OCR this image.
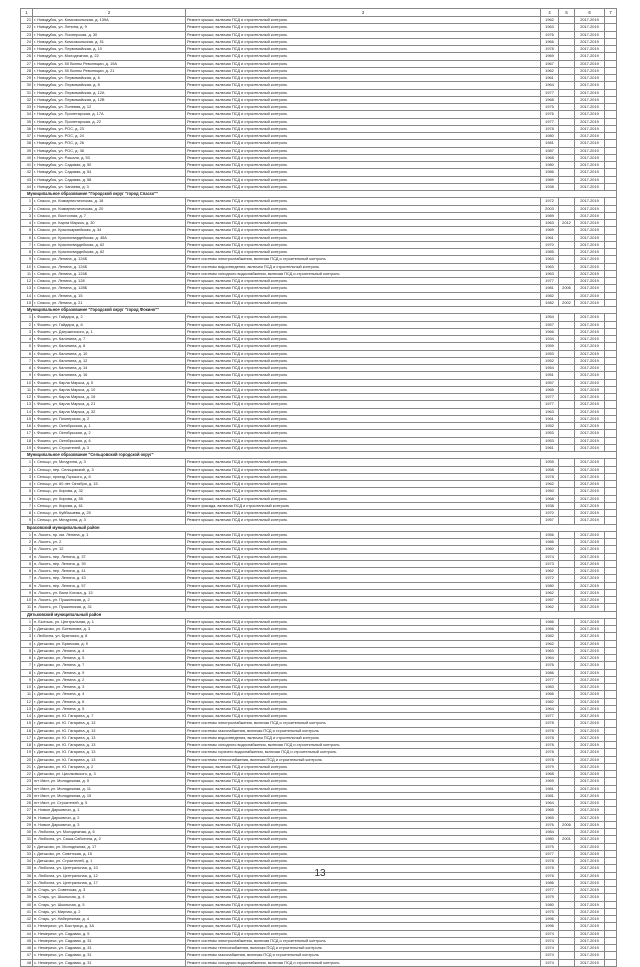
1	2	3	4	5	6	7
21	г. Новодуйск, ул. Комсомольская, д. 139А	Ремонт крыши, включая ПСД и строительный контроль	1962		2017-2019	
22	г. Новодуйск, ул. Ленина, д. 9	Ремонт крыши, включая ПСД и строительный контроль	1963		2017-2019	
23	г. Новодуйск, ул. Пионерская, д. 30	Ремонт крыши, включая ПСД и строительный контроль	1976		2017-2019	
24	г. Новодуйск, ул. Комсомольская, д. 51	Ремонт крыши, включая ПСД и строительный контроль	1966		2017-2019	
25	г. Новодуйск, ул. Первомайская, д. 10	Ремонт крыши, включая ПСД и строительный контроль	1978		2017-2019	
26	г. Новодуйск, ул. Молодежная, д. 22	Ремонт крыши, включая ПСД и строительный контроль	1969		2017-2019	
27	г. Новодуйск, ул. 50 Волны Революции, д. 19А	Ремонт крыши, включая ПСД и строительный контроль	1967		2017-2019	
28	г. Новодуйск, ул. 50 Волны Революции, д. 21	Ремонт крыши, включая ПСД и строительный контроль	1962		2017-2019	
29	г. Новодуйск, ул. Первомайская, д. 6	Ремонт крыши, включая ПСД и строительный контроль	1961		2017-2019	
30	г. Новодуйск, ул. Первомайская, д. 8	Ремонт крыши, включая ПСД и строительный контроль	1964		2017-2019	
31	г. Новодуйск, ул. Первомайская, д. 12А	Ремонт крыши, включая ПСД и строительный контроль	1977		2017-2019	
32	г. Новодуйск, ул. Первомайская, д. 12В	Ремонт крыши, включая ПСД и строительный контроль	1968		2017-2019	
33	г. Новодуйск, ул. Полевая, д. 12	Ремонт крыши, включая ПСД и строительный контроль	1975		2017-2019	
34	г. Новодуйск, ул. Пролетарская, д. 17А	Ремонт крыши, включая ПСД и строительный контроль	1976		2017-2019	
35	г. Новодуйск, ул. Пролетарская, д. 22	Ремонт крыши, включая ПСД и строительный контроль	1977		2017-2019	
36	г. Новодуйск, ул. РОС, д. 23	Ремонт крыши, включая ПСД и строительный контроль	1978		2017-2019	
37	г. Новодуйск, ул. РОС, д. 24	Ремонт крыши, включая ПСД и строительный контроль	1980		2017-2019	
38	г. Новодуйск, ул. РОС, д. 26	Ремонт крыши, включая ПСД и строительный контроль	1981		2017-2019	
39	г. Новодуйск, ул. РОС, д. 38	Ремонт крыши, включая ПСД и строительный контроль	1987		2017-2019	
40	г. Новодуйск, ул. Рошаля, д. 53	Ремонт крыши, включая ПСД и строительный контроль	1968		2017-2019	
41	г. Новодуйск, ул. Садовая, д. 50	Ремонт крыши, включая ПСД и строительный контроль	1980		2017-2019	
42	г. Новодуйск, ул. Садовая, д. 54	Ремонт крыши, включая ПСД и строительный контроль	1986		2017-2019	
43	г. Новодуйск, ул. Садовая, д. 58	Ремонт крыши, включая ПСД и строительный контроль	1989		2017-2019	
44	г. Новодуйск, ул. Чапаева, д. 3	Ремонт крыши, включая ПСД и строительный контроль	1938		2017-2019	
Муниципальное образование "Городской округ "город Спасск""						
1	г. Спасск, ул. Коммунистическая, д. 18	Ремонт крыши, включая ПСД и строительный контроль	1972		2017-2019	
2	г. Спасск, ул. Коммунистическая, д. 20	Ремонт крыши, включая ПСД и строительный контроль	2003		2017-2019	
3	г. Спасск, ул. Восточная, д. 7	Ремонт крыши, включая ПСД и строительный контроль	1989		2017-2019	
4	г. Спасск, ул. Карла Маркса, д. 30	Ремонт крыши, включая ПСД и строительный контроль	1963	2012	2017-2019	
5	г. Спасск, ул. Красноармейская, д. 34	Ремонт крыши, включая ПСД и строительный контроль	1969		2017-2019	
6	г. Спасск, ул. Красногвардейская, д. 45А	Ремонт крыши, включая ПСД и строительный контроль	1961		2017-2019	
7	г. Спасск, ул. Красногвардейская, д. 62	Ремонт крыши, включая ПСД и строительный контроль	1970		2017-2019	
8	г. Спасск, ул. Красногвардейская, д. 62	Ремонт крыши, включая ПСД и строительный контроль	1985		2017-2019	
9	г. Спасск, ул. Ленина, д. 124Б	Ремонт системы электроснабжения, включая ПСД и строительный контроль	1963		2017-2019	
10	г. Спасск, ул. Ленина, д. 124Б	Ремонт системы водоотведения, включая ПСД и строительный контроль	1963		2017-2019	
11	г. Спасск, ул. Ленина, д. 124Б	Ремонт системы холодного водоснабжения, включая ПСД и строительный контроль	1963		2017-2019	
12	г. Спасск, ул. Ленина, д. 128	Ремонт крыши, включая ПСД и строительный контроль	1977		2017-2019	
13	г. Спасск, ул. Ленина, д. 128Б	Ремонт крыши, включая ПСД и строительный контроль	1981	2006	2017-2019	
14	г. Спасск, ул. Ленина, д. 15	Ремонт крыши, включая ПСД и строительный контроль	1982		2017-2019	
15	г. Спасск, ул. Ленина, д. 21	Ремонт крыши, включая ПСД и строительный контроль	1982	2002	2017-2019	
Муниципальное образование "Городской округ "город Фокино""						
1	г. Фокино, ул. Гайдара, д. 2	Ремонт крыши, включая ПСД и строительный контроль	1954		2017-2019	
2	г. Фокино, ул. Гайдара, д. 6	Ремонт крыши, включая ПСД и строительный контроль	1957		2017-2019	
3	г. Фокино, ул. Дзержинского, д. 1	Ремонт крыши, включая ПСД и строительный контроль	1966		2017-2019	
4	г. Фокино, ул. Калинина, д. 7	Ремонт крыши, включая ПСД и строительный контроль	1934		2017-2019	
5	г. Фокино, ул. Калинина, д. 8	Ремонт крыши, включая ПСД и строительный контроль	1959		2017-2019	
6	г. Фокино, ул. Калинина, д. 10	Ремонт крыши, включая ПСД и строительный контроль	1953		2017-2019	
7	г. Фокино, ул. Калинина, д. 12	Ремонт крыши, включая ПСД и строительный контроль	1952		2017-2019	
8	г. Фокино, ул. Калинина, д. 14	Ремонт крыши, включая ПСД и строительный контроль	1954		2017-2019	
9	г. Фокино, ул. Калинина, д. 16	Ремонт крыши, включая ПСД и строительный контроль	1951		2017-2019	
10	г. Фокино, ул. Карла Маркса, д. 5	Ремонт крыши, включая ПСД и строительный контроль	1957		2017-2019	
11	г. Фокино, ул. Карла Маркса, д. 10	Ремонт крыши, включая ПСД и строительный контроль	1965		2017-2019	
12	г. Фокино, ул. Карла Маркса, д. 16	Ремонт крыши, включая ПСД и строительный контроль	1977		2017-2019	
13	г. Фокино, ул. Карла Маркса, д. 21	Ремонт крыши, включая ПСД и строительный контроль	1977		2017-2019	
14	г. Фокино, ул. Карла Маркса, д. 32	Ремонт крыши, включая ПСД и строительный контроль	1963		2017-2019	
15	г. Фокино, ул. Пионерская, д. 2	Ремонт крыши, включая ПСД и строительный контроль	1961		2017-2019	
16	г. Фокино, ул. Октябрьская, д. 1	Ремонт крыши, включая ПСД и строительный контроль	1952		2017-2019	
17	г. Фокино, ул. Октябрьская, д. 2	Ремонт крыши, включая ПСД и строительный контроль	1953		2017-2019	
18	г. Фокино, ул. Октябрьская, д. 6	Ремонт крыши, включая ПСД и строительный контроль	1953		2017-2019	
19	г. Фокино, ул. Строителей, д. 3	Ремонт крыши, включая ПСД и строительный контроль	1961		2017-2019	
Муниципальное образование "Сельцовский городской округ"						
1	г. Сельцо, ул. Мичурина, д. 3	Ремонт крыши, включая ПСД и строительный контроль	1955		2017-2019	
2	г. Сельцо, пер. Сельцовский, д. 3	Ремонт крыши, включая ПСД и строительный контроль	1958		2017-2019	
3	г. Сельцо, проезд Горького, д. 6	Ремонт крыши, включая ПСД и строительный контроль	1978		2017-2019	
4	г. Сельцо, ул. 60 лет Октября, д. 15	Ремонт крыши, включая ПСД и строительный контроль	1962		2017-2019	
5	г. Сельцо, ул. Кирова, д. 32	Ремонт крыши, включая ПСД и строительный контроль	1950		2017-2019	
6	г. Сельцо, ул. Кирова, д. 55	Ремонт крыши, включая ПСД и строительный контроль	1968		2017-2019	
7	г. Сельцо, ул. Кирова, д. 61	Ремонт фасада, включая ПСД и строительный контроль	1938		2017-2019	
8	г. Сельцо, ул. Куйбышева, д. 25	Ремонт крыши, включая ПСД и строительный контроль	1970		2017-2019	
9	г. Сельцо, ул. Мичурина, д. 3	Ремонт крыши, включая ПСД и строительный контроль	1957		2017-2019	
Брасовский муниципальный район						
1	п. Локоть, пр. им. Ленина, д. 1	Ремонт крыши, включая ПСД и строительный контроль	1956		2017-2019	
2	п. Локоть, ул. 2	Ремонт крыши, включая ПСД и строительный контроль	1986		2017-2019	
3	п. Локоть, ул. 12	Ремонт крыши, включая ПСД и строительный контроль	1960		2017-2019	
4	п. Локоть, пер. Ленина, д. 37	Ремонт крыши, включая ПСД и строительный контроль	1974		2017-2019	
5	п. Локоть, пер. Ленина, д. 39	Ремонт крыши, включая ПСД и строительный контроль	1973		2017-2019	
6	п. Локоть, пер. Ленина, д. 41	Ремонт крыши, включая ПСД и строительный контроль	1962		2017-2019	
7	п. Локоть, пер. Ленина, д. 43	Ремонт крыши, включая ПСД и строительный контроль	1972		2017-2019	
8	п. Локоть, пер. Ленина, д. 57	Ремонт крыши, включая ПСД и строительный контроль	1980		2017-2019	
9	п. Локоть, ул. Вали Котика, д. 13	Ремонт крыши, включая ПСД и строительный контроль	1962		2017-2019	
10	п. Локоть, ул. Пушкинская, д. 2	Ремонт крыши, включая ПСД и строительный контроль	1957		2017-2019	
11	п. Локоть, ул. Пушкинская, д. 31	Ремонт крыши, включая ПСД и строительный контроль	1962		2017-2019	
Дятьковский муниципальный район						
1	п. Бытошь, ул. Центральная, д. 1	Ремонт крыши, включая ПСД и строительный контроль	1986		2017-2019	
2	г. Дятьково, ул. Ботвинова, д. 3	Ремонт крыши, включая ПСД и строительный контроль	1956		2017-2019	
3	г. Любохна, ул. Брянская, д. 8	Ремонт крыши, включая ПСД и строительный контроль	1982		2017-2019	
4	г. Дятьково, ул. Брянская, д. 9	Ремонт крыши, включая ПСД и строительный контроль	1962		2017-2019	
5	г. Дятьково, ул. Ленина, д. 4	Ремонт крыши, включая ПСД и строительный контроль	1963		2017-2019	
6	г. Дятьково, ул. Ленина, д. 5	Ремонт крыши, включая ПСД и строительный контроль	1964		2017-2019	
7	г. Дятьково, ул. Ленина, д. 7	Ремонт крыши, включая ПСД и строительный контроль	1976		2017-2019	
8	г. Дятьково, ул. Ленина, д. 9	Ремонт крыши, включая ПСД и строительный контроль	1986		2017-2019	
9	г. Дятьково, ул. Ленина, д. 2	Ремонт крыши, включая ПСД и строительный контроль	1977		2017-2019	
10	г. Дятьково, ул. Ленина, д. 3	Ремонт крыши, включая ПСД и строительный контроль	1983		2017-2019	
11	г. Дятьково, ул. Ленина, д. 4	Ремонт крыши, включая ПСД и строительный контроль	1966		2017-2019	
12	г. Дятьково, ул. Ленина, д. 6	Ремонт крыши, включая ПСД и строительный контроль	1982		2017-2019	
13	г. Дятьково, ул. Ленина, д. 5	Ремонт крыши, включая ПСД и строительный контроль	1964		2017-2019	
14	г. Дятьково, ул. Ю. Гагарина, д. 7	Ремонт крыши, включая ПСД и строительный контроль	1977		2017-2019	
15	г. Дятьково, ул. Ю. Гагарина, д. 13	Ремонт системы электроснабжения, включая ПСД и строительный контроль	1978		2017-2019	
16	г. Дятьково, ул. Ю. Гагарина, д. 13	Ремонт системы газоснабжения, включая ПСД и строительный контроль	1978		2017-2019	
17	г. Дятьково, ул. Ю. Гагарина, д. 13	Ремонт системы водоотведения, включая ПСД и строительный контроль	1978		2017-2019	
18	г. Дятьково, ул. Ю. Гагарина, д. 13	Ремонт системы холодного водоснабжения, включая ПСД и строительный контроль	1978		2017-2019	
19	г. Дятьково, ул. Ю. Гагарина, д. 13	Ремонт системы горячего водоснабжения, включая ПСД и строительный контроль	1978		2017-2019	
20	г. Дятьково, ул. Ю. Гагарина, д. 13	Ремонт системы теплоснабжения, включая ПСД и строительный контроль	1978		2017-2019	
21	г. Дятьково, ул. Ю. Гагарина, д. 2	Ремонт крыши, включая ПСД и строительный контроль	1979		2017-2019	
22	г. Дятьково, ул. Циолковского, д. 3	Ремонт крыши, включая ПСД и строительный контроль	1968		2017-2019	
23	пгт Ивот, ул. Молодежная, д. 5	Ремонт крыши, включая ПСД и строительный контроль	1969		2017-2019	
24	пгт Ивот, ул. Молодежная, д. 11	Ремонт крыши, включая ПСД и строительный контроль	1981		2017-2019	
25	пгт Ивот, ул. Молодежная, д. 15	Ремонт крыши, включая ПСД и строительный контроль	1981		2017-2019	
26	пгт Ивот, ул. Строителей, д. 5	Ремонт крыши, включая ПСД и строительный контроль	1964		2017-2019	
27	п. Новые Дарковичи, д. 1	Ремонт крыши, включая ПСД и строительный контроль	1965		2017-2019	
28	п. Новые Дарковичи, д. 2	Ремонт крыши, включая ПСД и строительный контроль	1965		2017-2019	
29	п. Новые Дарковичи, д. 3	Ремонт крыши, включая ПСД и строительный контроль	1976	2006	2017-2019	
30	п. Любохна, ул. Молодежная, д. 6	Ремонт крыши, включая ПСД и строительный контроль	1984		2017-2019	
31	п. Любохна, ул. Саша-Саботина, д. 2	Ремонт крыши, включая ПСД и строительный контроль	1980	2001	2017-2019	
32	г. Дятьково, ул. Молодежная, д. 17	Ремонт крыши, включая ПСД и строительный контроль	1975		2017-2019	
33	г. Дятьково, ул. Советская, д. 15	Ремонт крыши, включая ПСД и строительный контроль	1977		2017-2019	
34	г. Дятьково, ул. Строителей, д. 1	Ремонт крыши, включая ПСД и строительный контроль	1978		2017-2019	
35	п. Любохна, ул. Центральная, д. 10	Ремонт крыши, включая ПСД и строительный контроль	1978		2017-2019	
36	п. Любохна, ул. Центральная, д. 12	Ремонт крыши, включая ПСД и строительный контроль	1976		2017-2019	
37	п. Любохна, ул. Центральная, д. 17	Ремонт крыши, включая ПСД и строительный контроль	1986		2017-2019	
38	п. Старь, ул. Советская, д. 3	Ремонт крыши, включая ПСД и строительный контроль	1977		2017-2019	
39	п. Старь, ул. Школьная, д. 4	Ремонт крыши, включая ПСД и строительный контроль	1979		2017-2019	
40	п. Старь, ул. Школьная, д. 5	Ремонт крыши, включая ПСД и строительный контроль	1980		2017-2019	
41	п. Старь, ул. Мирная, д. 2	Ремонт крыши, включая ПСД и строительный контроль	1975		2017-2019	
42	п. Старь, ул. Набережная, д. 4	Ремонт крыши, включая ПСД и строительный контроль	1996		2017-2019	
43	с. Немеричи, ул. Быстрица, д. 3А	Ремонт крыши, включая ПСД и строительный контроль	1996		2017-2019	
44	с. Немеричи, ул. Садовая, д. 5	Ремонт крыши, включая ПСД и строительный контроль	1974		2017-2019	
45	с. Немеричи, ул. Садовая, д. 31	Ремонт системы электроснабжения, включая ПСД и строительный контроль	1974		2017-2019	
46	с. Немеричи, ул. Садовая, д. 31	Ремонт системы теплоснабжения, включая ПСД и строительный контроль	1974		2017-2019	
47	с. Немеричи, ул. Садовая, д. 31	Ремонт системы газоснабжения, включая ПСД и строительный контроль	1974		2017-2019	
48	с. Немеричи, ул. Садовая, д. 31	Ремонт системы холодного водоснабжения, включая ПСД и строительный контроль	1974		2017-2019	
13
